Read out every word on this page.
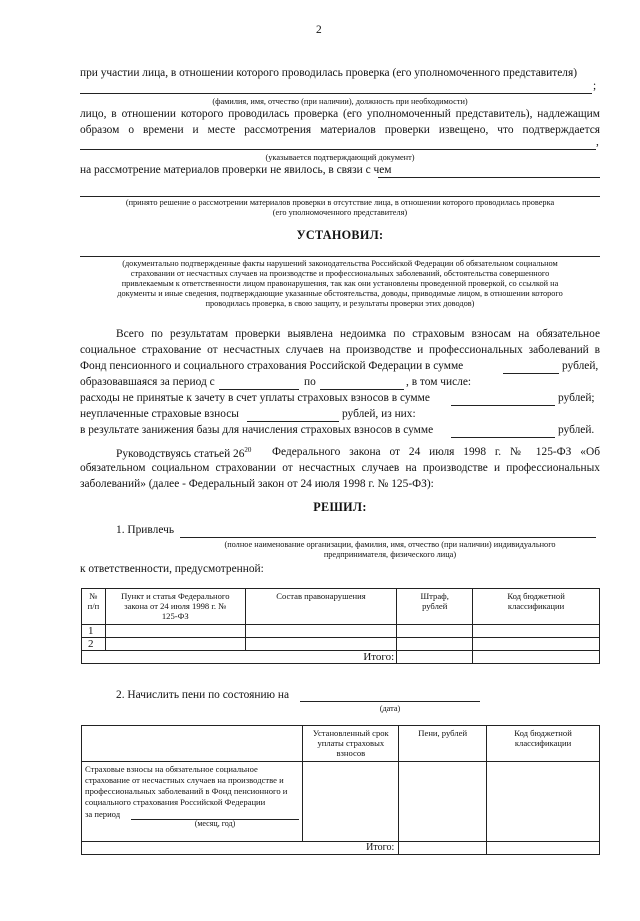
2
при участии лица, в отношении которого проводилась проверка (его уполномоченного представителя)
;
(фамилия, имя, отчество (при наличии), должность при необходимости)
лицо, в отношении которого проводилась проверка (его уполномоченный представитель), надлежащим
образом о времени и месте рассмотрения материалов проверки извещено, что подтверждается
,
(указывается подтверждающий документ)
на рассмотрение материалов проверки не явилось, в связи с чем
(принято решение о рассмотрении материалов проверки в отсутствие лица, в отношении которого проводилась проверка
(его уполномоченного представителя)
УСТАНОВИЛ:
(документально подтвержденные факты нарушений законодательства Российской Федерации об обязательном социальном
страховании от несчастных случаев на производстве и профессиональных заболеваний, обстоятельства совершенного
привлекаемым к ответственности лицом правонарушения, так как они установлены проведенной проверкой, со ссылкой на
документы и иные сведения, подтверждающие указанные обстоятельства, доводы, приводимые лицом, в отношении которого
проводилась проверка, в свою защиту, и результаты проверки этих доводов)
Всего по результатам проверки выявлена недоимка по страховым взносам на обязательное
социальное страхование от несчастных случаев на производстве и профессиональных заболеваний в
Фонд пенсионного и социального страхования Российской Федерации в сумме	рублей,
образовавшаяся за период с	по	, в том числе:
расходы не принятые к зачету в счет уплаты страховых взносов в сумме	рублей;
неуплаченные страховые взносы	рублей, из них:
в результате занижения базы для начисления страховых взносов в сумме	рублей.
Руководствуясь статьей $26^{20}$ Федерального закона от 24 июля 1998 г. № 125-ФЗ «Об
обязательном социальном страховании от несчастных случаев на производстве и профессиональных
заболеваний» (далее - Федеральный закон от 24 июля 1998 г. № 125-ФЗ):
РЕШИЛ:
1. Привлечь
(полное наименование организации, фамилия, имя, отчество (при наличии) индивидуального
предпринимателя, физического лица)
к ответственности, предусмотренной:
№ п/п	Пункт и статья Федерального закона от 24 июля 1998 г. № 125-ФЗ	Состав правонарушения	Штраф, рублей	Код бюджетной классификации
1				
2				
Итого:				
2. Начислить пени по состоянию на
(дата)
	Установленный срок уплаты страховых взносов	Пени, рублей	Код бюджетной классификации

Страховые взносы на обязательное социальное страхование от несчастных случаев на производстве и профессиональных заболеваний в Фонд пенсионного и социального страхования Российской Федерации
за период
(месяц, год)			

Итого:			
